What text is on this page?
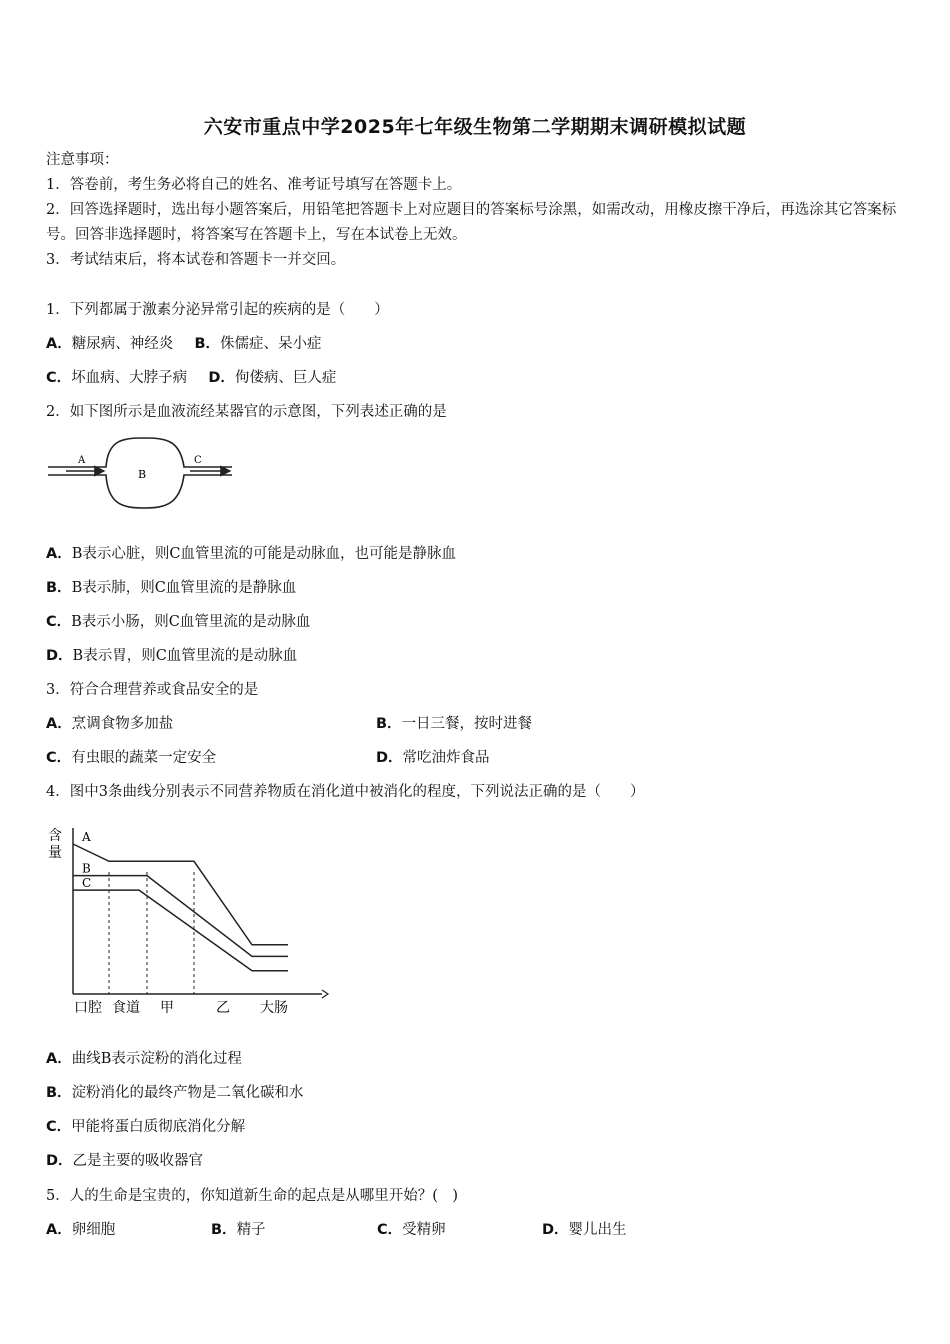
六安市重点中学2025年七年级生物第二学期期末调研模拟试题
注意事项：
1．答卷前，考生务必将自己的姓名、准考证号填写在答题卡上。
2．回答选择题时，选出每小题答案后，用铅笔把答题卡上对应题目的答案标号涂黑，如需改动，用橡皮擦干净后，再选涂其它答案标号。回答非选择题时，将答案写在答题卡上，写在本试卷上无效。
3．考试结束后，将本试卷和答题卡一并交回。
1．下列都属于激素分泌异常引起的疾病的是（　　）
A．糖尿病、神经炎 B．侏儒症、呆小症
C．坏血病、大脖子病 D．佝偻病、巨人症
2．如下图所示是血液流经某器官的示意图，下列表述正确的是
A
B
C
A．B表示心脏，则C血管里流的可能是动脉血，也可能是静脉血
B．B表示肺，则C血管里流的是静脉血
C．B表示小肠，则C血管里流的是动脉血
D．B表示胃，则C血管里流的是动脉血
3．符合合理营养或食品安全的是
A．烹调食物多加盐	B．一日三餐，按时进餐
C．有虫眼的蔬菜一定安全	D．常吃油炸食品
4．图中3条曲线分别表示不同营养物质在消化道中被消化的程度，下列说法正确的是（　　）
含
量
A
B
C
口腔 食道 甲	乙 大肠
A．曲线B表示淀粉的消化过程
B．淀粉消化的最终产物是二氧化碳和水
C．甲能将蛋白质彻底消化分解
D．乙是主要的吸收器官
5．人的生命是宝贵的，你知道新生命的起点是从哪里开始？(　)
A．卵细胞	B．精子	C．受精卵	D．婴儿出生
